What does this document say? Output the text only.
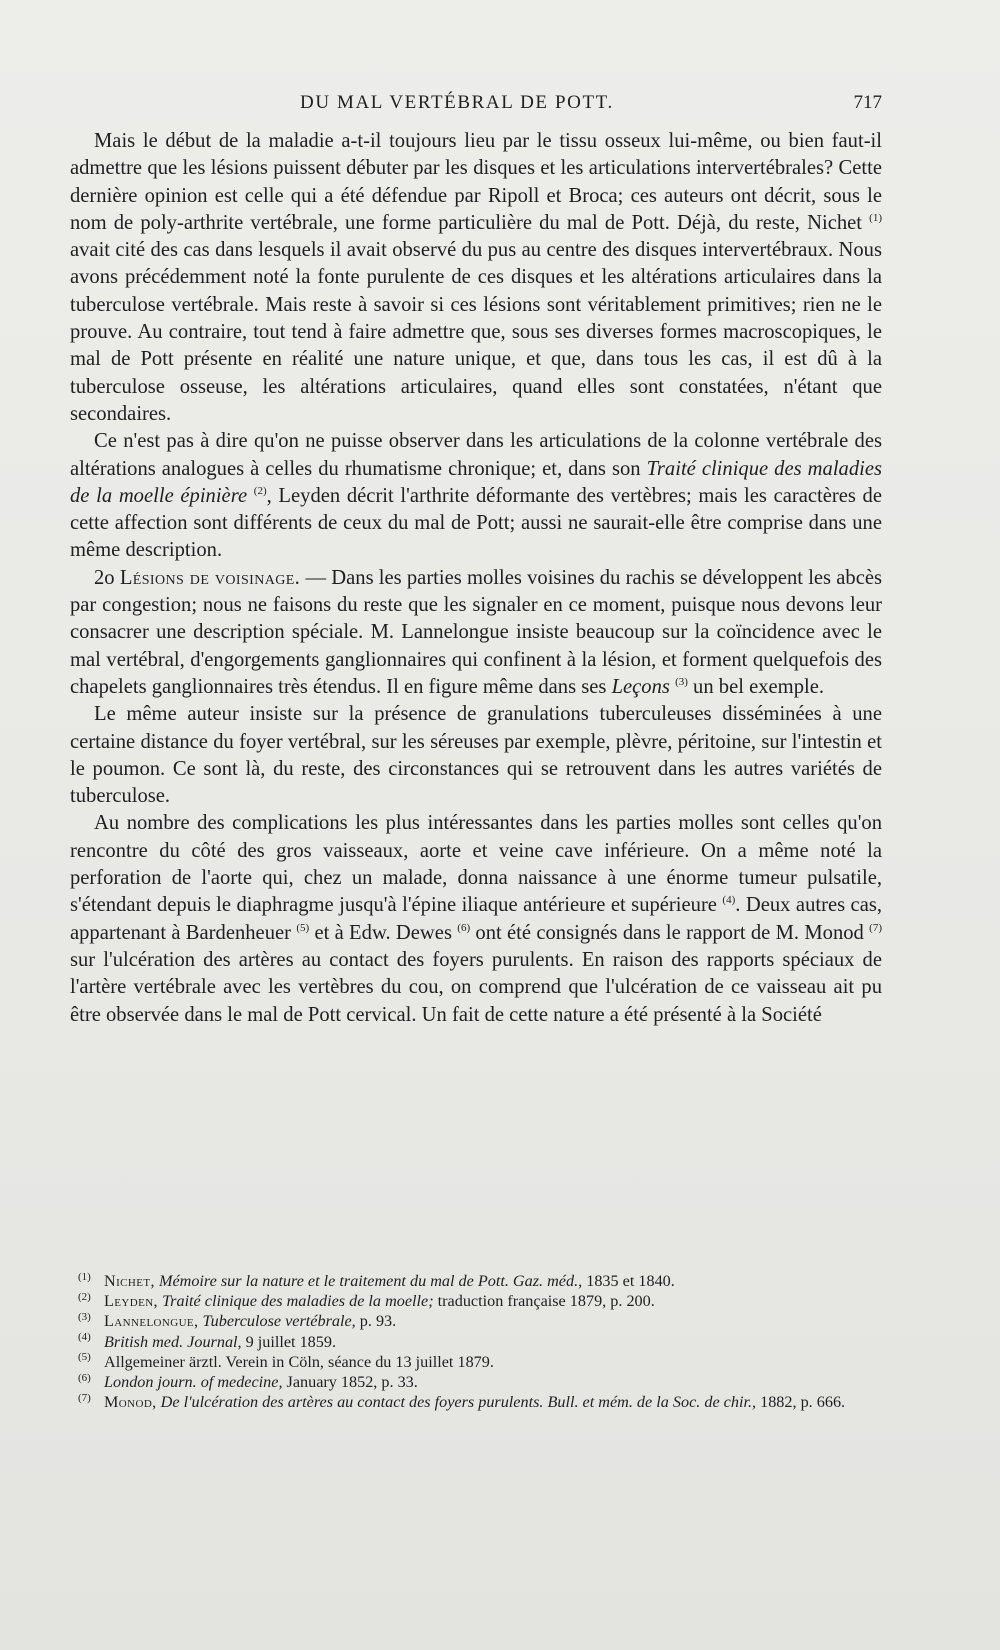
DU MAL VERTÉBRAL DE POTT.	717

Mais le début de la maladie a-t-il toujours lieu par le tissu osseux lui-même, ou bien faut-il admettre que les lésions puissent débuter par les disques et les articulations intervertébrales? Cette dernière opinion est celle qui a été défendue par Ripoll et Broca; ces auteurs ont décrit, sous le nom de poly-arthrite vertébrale, une forme particulière du mal de Pott. Déjà, du reste, Nichet $^{(1)}$ avait cité des cas dans lesquels il avait observé du pus au centre des disques intervertébraux. Nous avons précédemment noté la fonte purulente de ces disques et les altérations articulaires dans la tuberculose vertébrale. Mais reste à savoir si ces lésions sont véritablement primitives; rien ne le prouve. Au contraire, tout tend à faire admettre que, sous ses diverses formes macroscopiques, le mal de Pott présente en réalité une nature unique, et que, dans tous les cas, il est dû à la tuberculose osseuse, les altérations articulaires, quand elles sont constatées, n'étant que secondaires.

Ce n'est pas à dire qu'on ne puisse observer dans les articulations de la colonne vertébrale des altérations analogues à celles du rhumatisme chronique; et, dans son Traité clinique des maladies de la moelle épinière $^{(2)}$, Leyden décrit l'arthrite déformante des vertèbres; mais les caractères de cette affection sont différents de ceux du mal de Pott; aussi ne saurait-elle être comprise dans une même description.

2o Lésions de voisinage. — Dans les parties molles voisines du rachis se développent les abcès par congestion; nous ne faisons du reste que les signaler en ce moment, puisque nous devons leur consacrer une description spéciale. M. Lannelongue insiste beaucoup sur la coïncidence avec le mal vertébral, d'engorgements ganglionnaires qui confinent à la lésion, et forment quelquefois des chapelets ganglionnaires très étendus. Il en figure même dans ses Leçons $^{(3)}$ un bel exemple.

Le même auteur insiste sur la présence de granulations tuberculeuses disséminées à une certaine distance du foyer vertébral, sur les séreuses par exemple, plèvre, péritoine, sur l'intestin et le poumon. Ce sont là, du reste, des circonstances qui se retrouvent dans les autres variétés de tuberculose.

Au nombre des complications les plus intéressantes dans les parties molles sont celles qu'on rencontre du côté des gros vaisseaux, aorte et veine cave inférieure. On a même noté la perforation de l'aorte qui, chez un malade, donna naissance à une énorme tumeur pulsatile, s'étendant depuis le diaphragme jusqu'à l'épine iliaque antérieure et supérieure $^{(4)}$. Deux autres cas, appartenant à Bardenheuer $^{(5)}$ et à Edw. Dewes $^{(6)}$ ont été consignés dans le rapport de M. Monod $^{(7)}$ sur l'ulcération des artères au contact des foyers purulents. En raison des rapports spéciaux de l'artère vertébrale avec les vertèbres du cou, on comprend que l'ulcération de ce vaisseau ait pu être observée dans le mal de Pott cervical. Un fait de cette nature a été présenté à la Société

$^{(1)}$ Nichet, Mémoire sur la nature et le traitement du mal de Pott. Gaz. méd., 1835 et 1840.
$^{(2)}$ Leyden, Traité clinique des maladies de la moelle; traduction française 1879, p. 200.
$^{(3)}$ Lannelongue, Tuberculose vertébrale, p. 93.
$^{(4)}$ British med. Journal, 9 juillet 1859.
$^{(5)}$ Allgemeiner ärztl. Verein in Cöln, séance du 13 juillet 1879.
$^{(6)}$ London journ. of medecine, January 1852, p. 33.
$^{(7)}$ Monod, De l'ulcération des artères au contact des foyers purulents. Bull. et mém. de la Soc. de chir., 1882, p. 666.
